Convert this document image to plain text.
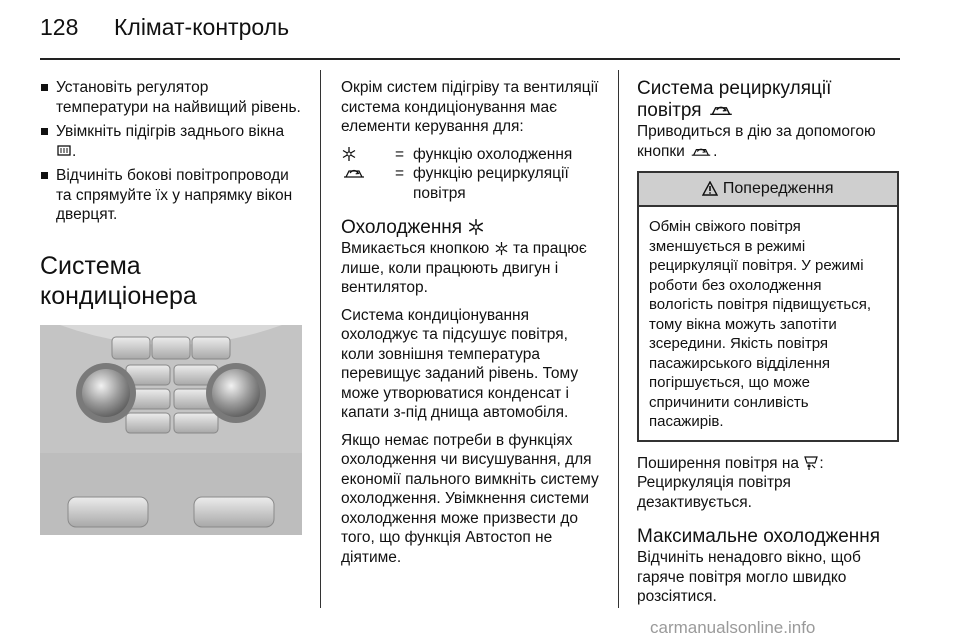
128 Клімат-контроль
Установіть регулятор температури на найвищий рівень.
Увімкніть підігрів заднього вікна .
Відчиніть бокові повітропроводи та спрямуйте їх у напрямку вікон дверцят.
Система кондиціонера

Окрім систем підігріву та вентиляції система кондиціонування має елементи керування для:

= функцію охолодження
= функцію рециркуляції повітря
Охолодження

Вмикається кнопкою та працює лише, коли працюють двигун і вентилятор.

Система кондиціонування охолоджує та підсушує повітря, коли зовнішня температура перевищує заданий рівень. Тому може утворюватися конденсат і капати з-під днища автомобіля.

Якщо немає потреби в функціях охолодження чи висушування, для економії пального вимкніть систему охолодження. Увімкнення системи охолодження може призвести до того, що функція Автостоп не діятиме.

Система рециркуляції
повітря

Приводиться в дію за допомогою кнопки .

Попередження
Обмін свіжого повітря зменшується в режимі рециркуляції повітря. У режимі роботи без охолодження вологість повітря підвищується, тому вікна можуть запотіти зсередини. Якість повітря пасажирського відділення погіршується, що може спричинити сонливість пасажирів.

Поширення повітря на : Рециркуляція повітря дезактивується.

Максимальне охолодження

Відчиніть ненадовго вікно, щоб гаряче повітря могло швидко розсіятися.

carmanualsonline.info
